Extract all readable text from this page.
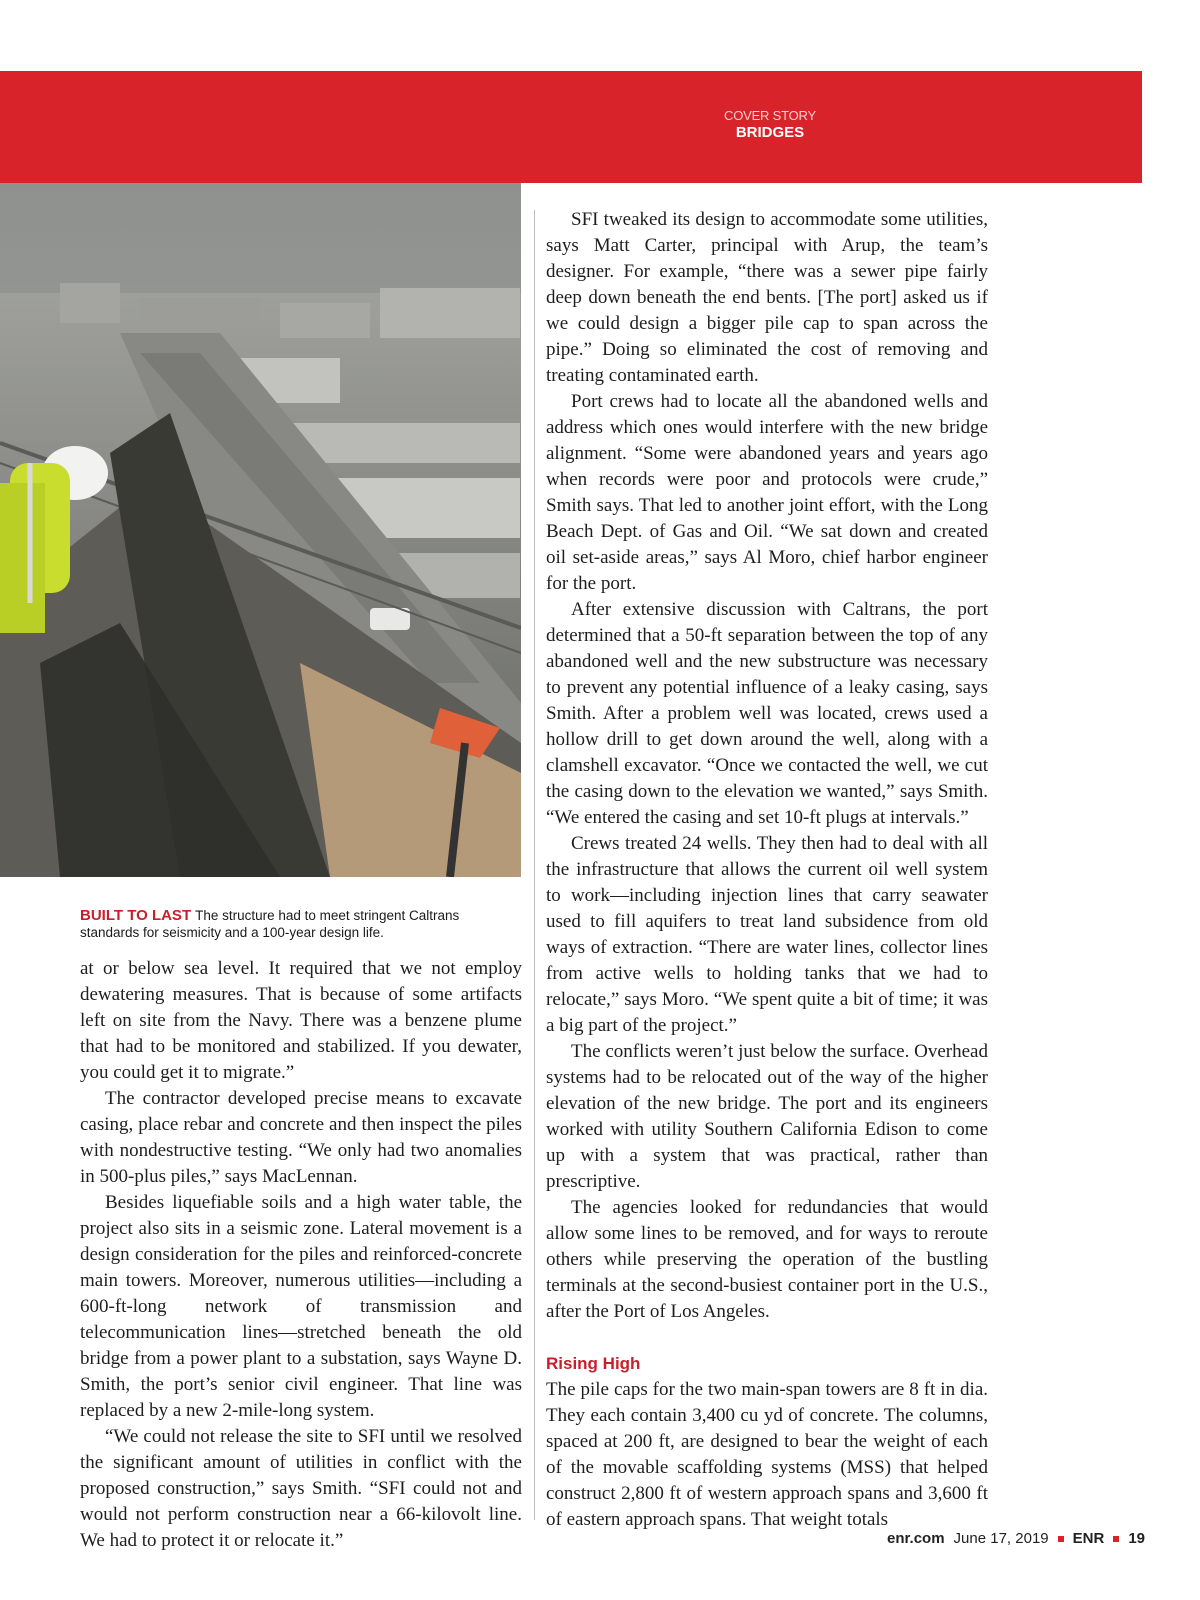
COVER STORY
BRIDGES
BUILT TO LAST The structure had to meet stringent Caltrans standards for seismicity and a 100-year design life.

at or below sea level. It required that we not employ dewatering measures. That is because of some artifacts left on site from the Navy. There was a benzene plume that had to be monitored and stabilized. If you dewater, you could get it to migrate.”

The contractor developed precise means to excavate casing, place rebar and concrete and then inspect the piles with nondestructive testing. “We only had two anomalies in 500-plus piles,” says MacLennan.

Besides liquefiable soils and a high water table, the project also sits in a seismic zone. Lateral movement is a design consideration for the piles and reinforced-concrete main towers. Moreover, numerous utilities—including a 600-ft-long network of transmission and telecommunication lines—stretched beneath the old bridge from a power plant to a substation, says Wayne D. Smith, the port’s senior civil engineer. That line was replaced by a new 2-mile-long system.

“We could not release the site to SFI until we resolved the significant amount of utilities in conflict with the proposed construction,” says Smith. “SFI could not and would not perform construction near a 66-kilovolt line. We had to protect it or relocate it.”

SFI tweaked its design to accommodate some utilities, says Matt Carter, principal with Arup, the team’s designer. For example, “there was a sewer pipe fairly deep down beneath the end bents. [The port] asked us if we could design a bigger pile cap to span across the pipe.” Doing so eliminated the cost of removing and treating contaminated earth.

Port crews had to locate all the abandoned wells and address which ones would interfere with the new bridge alignment. “Some were abandoned years and years ago when records were poor and protocols were crude,” Smith says. That led to another joint effort, with the Long Beach Dept. of Gas and Oil. “We sat down and created oil set-aside areas,” says Al Moro, chief harbor engineer for the port.

After extensive discussion with Caltrans, the port determined that a 50-ft separation between the top of any abandoned well and the new substructure was necessary to prevent any potential influence of a leaky casing, says Smith. After a problem well was located, crews used a hollow drill to get down around the well, along with a clamshell excavator. “Once we contacted the well, we cut the casing down to the elevation we wanted,” says Smith. “We entered the casing and set 10-ft plugs at intervals.”

Crews treated 24 wells. They then had to deal with all the infrastructure that allows the current oil well system to work—including injection lines that carry seawater used to fill aquifers to treat land subsidence from old ways of extraction. “There are water lines, collector lines from active wells to holding tanks that we had to relocate,” says Moro. “We spent quite a bit of time; it was a big part of the project.”

The conflicts weren’t just below the surface. Overhead systems had to be relocated out of the way of the higher elevation of the new bridge. The port and its engineers worked with utility Southern California Edison to come up with a system that was practical, rather than prescriptive.

The agencies looked for redundancies that would allow some lines to be removed, and for ways to reroute others while preserving the operation of the bustling terminals at the second-busiest container port in the U.S., after the Port of Los Angeles.

Rising High

The pile caps for the two main-span towers are 8 ft in dia. They each contain 3,400 cu yd of concrete. The columns, spaced at 200 ft, are designed to bear the weight of each of the movable scaffolding systems (MSS) that helped construct 2,800 ft of western approach spans and 3,600 ft of eastern approach spans. That weight totals

enr.com June 17, 2019 ENR 19
